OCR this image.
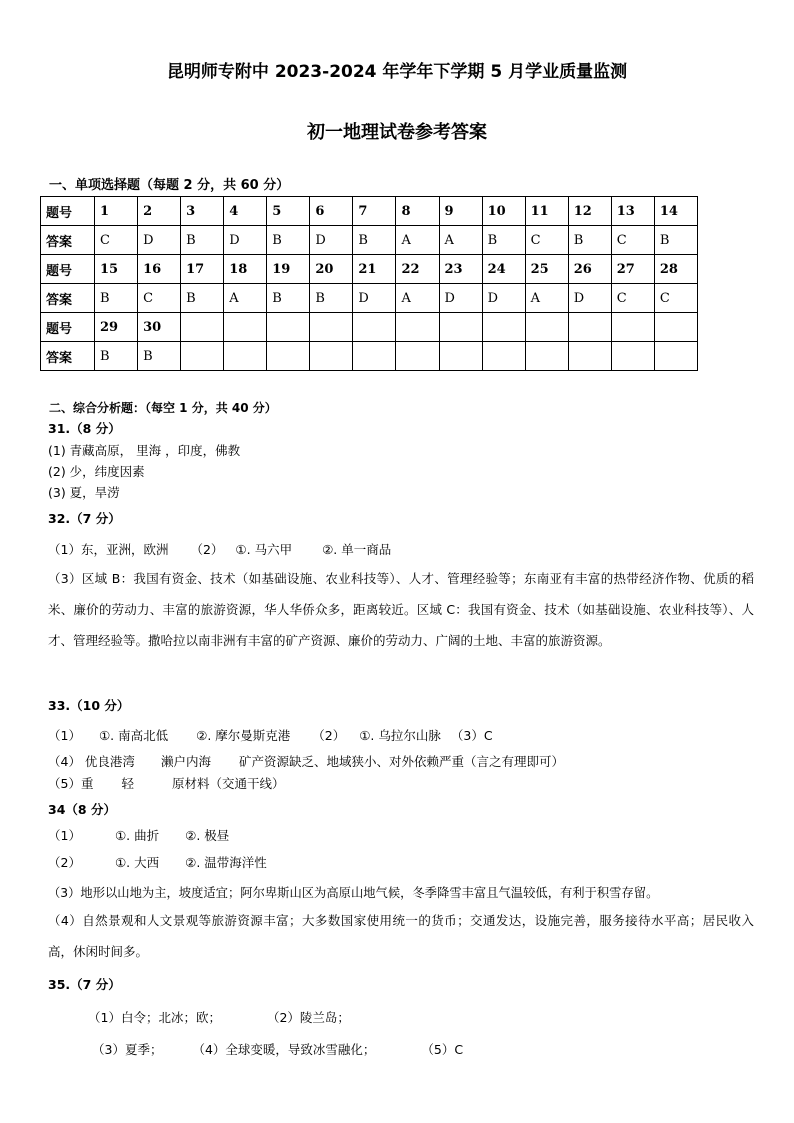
昆明师专附中 2023-2024 年学年下学期 5 月学业质量监测
初一地理试卷参考答案
一、单项选择题（每题 2 分，共 60 分）
题号	1	2	3	4	5	6	7	8	9	10	11	12	13	14
答案	C	D	B	D	B	D	B	A	A	B	C	B	C	B
题号	15	16	17	18	19	20	21	22	23	24	25	26	27	28
答案	B	C	B	A	B	B	D	A	D	D	A	D	C	C
题号	29	30												
答案	B	B												
二、综合分析题：（每空 1 分，共 40 分）
31.（8 分）
(1) 青藏高原， 里海 ，印度，佛教
(2) 少，纬度因素
(3) 夏，旱涝
32.（7 分）
（1）东，亚洲，欧洲 （2） ①. 马六甲 ②. 单一商品
（3）区域 B：我国有资金、技术（如基础设施、农业科技等）、人才、管理经验等；东南亚有丰富的热带经济作物、优质的稻米、廉价的劳动力、丰富的旅游资源，华人华侨众多，距离较近。区域 C：我国有资金、技术（如基础设施、农业科技等）、人才、管理经验等。撒哈拉以南非洲有丰富的矿产资源、廉价的劳动力、广阔的土地、丰富的旅游资源。
33.（10 分）
（1） ①. 南高北低 ②. 摩尔曼斯克港 （2） ①. 乌拉尔山脉 （3）C
（4） 优良港湾 濑户内海 矿产资源缺乏、地域狭小、对外依赖严重（言之有理即可）
（5）重 轻	原材料（交通干线）
34（8 分）
（1）	①. 曲折 ②. 极昼
（2）	①. 大西 ②. 温带海洋性
（3）地形以山地为主，坡度适宜；阿尔卑斯山区为高原山地气候，冬季降雪丰富且气温较低，有利于积雪存留。
（4）自然景观和人文景观等旅游资源丰富；大多数国家使用统一的货币；交通发达，设施完善，服务接待水平高；居民收入高，休闲时间多。
35.（7 分）
（1）白令；北冰；欧；	（2）陵兰岛；
（3）夏季； （4）全球变暖，导致冰雪融化；	（5）C
